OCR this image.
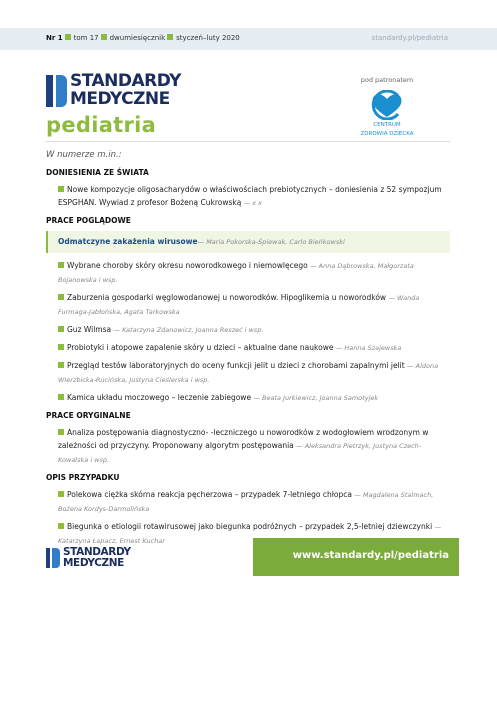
Nr 1 tom 17 dwumiesięcznik styczeń–luty 2020	standardy.pl/pediatria
STANDARDY
MEDYCZNE
pediatria
pod patronatem
CENTRUM
ZDROWIA DZIECKA
W numerze m.in.:
DONIESIENIA ZE ŚWIATA
Nowe kompozycje oligosacharydów o właściwościach prebiotycznych – doniesienia z 52 sympozjum ESPGHAN. Wywiad z profesor Bożeną Cukrowską — x x
PRACE POGLĄDOWE
Odmatczyne zakażenia wirusowe— Maria Pokorska-Śpiewak, Carlo Bieńkowski
Wybrane choroby skóry okresu noworodkowego i niemowlęcego — Anna Dąbrowska, Małgorzata Bojanowska i wsp.
Zaburzenia gospodarki węglowodanowej u noworodków. Hipoglikemia u noworodków — Wanda Furmaga-Jabłońska, Agata Tarkowska
Guz Wilmsa — Katarzyna Zdanowicz, Joanna Reszeć i wsp.
Probiotyki i atopowe zapalenie skóry u dzieci – aktualne dane naukowe — Hanna Szajewska
Przegląd testów laboratoryjnych do oceny funkcji jelit u dzieci z chorobami zapalnymi jelit — Aldona Wierzbicka-Rucińska, Justyna Cieślerska i wsp.
Kamica układu moczowego – leczenie zabiegowe — Beata Jurkiewicz, Joanna Samotyjek
PRACE ORYGINALNE
Analiza postępowania diagnostyczno- -leczniczego u noworodków z wodogłowiem wrodzonym w zależności od przyczyny. Proponowany algorytm postępowania — Aleksandra Pietrzyk, Justyna Czech-Kowalska i wsp.
OPIS PRZYPADKU
Polekowa ciężka skórna reakcja pęcherzowa – przypadek 7-letniego chłopca — Magdalena Stalmach, Bożena Kordys-Darmolińska
Biegunka o etiologii rotawirusowej jako biegunka podróżnych – przypadek 2,5-letniej dziewczynki — Katarzyna Łapacz, Ernest Kuchar
STANDARDY
MEDYCZNE
www.standardy.pl/pediatria
